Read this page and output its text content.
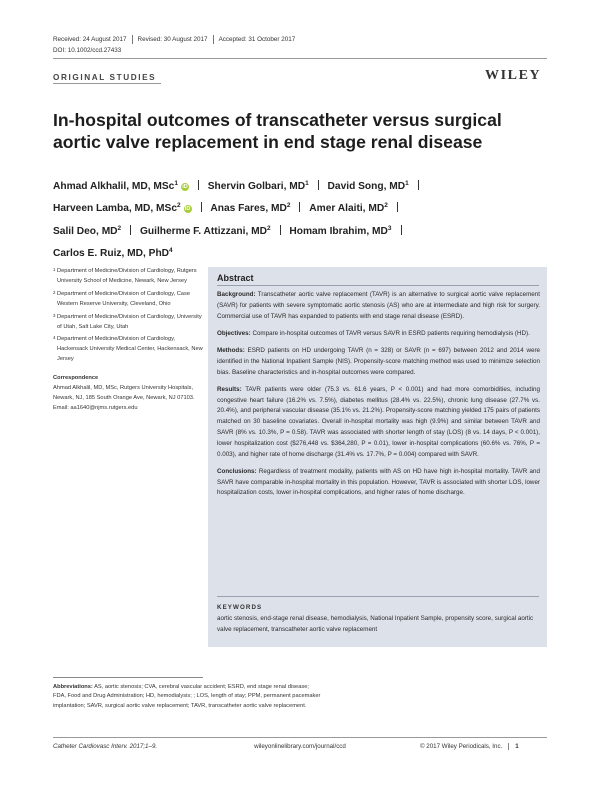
Received: 24 August 2017 Revised: 30 August 2017 Accepted: 31 October 2017
DOI: 10.1002/ccd.27433
ORIGINAL STUDIES	WILEY
In-hospital outcomes of transcatheter versus surgical aortic valve replacement in end stage renal disease
Ahmad Alkhalil, MD, MSc$^1$ iD Shervin Golbari, $MD^1$ David Song, $MD^1$
Harveen Lamba, MD, MSc$^2$ iD Anas Fares, $MD^2$ Amer Alaiti, $MD^2$
Salil Deo, $MD^2$ Guilherme F. Attizzani, $MD^2$ Homam Ibrahim, $MD^3$
Carlos E. Ruiz, MD, PhD$^4$
1 Department of Medicine/Division of Cardiology, Rutgers University School of Medicine, Newark, New Jersey
2 Department of Medicine/Division of Cardiology, Case Western Reserve University, Cleveland, Ohio
3 Department of Medicine/Division of Cardiology, University of Utah, Salt Lake City, Utah
4 Department of Medicine/Division of Cardiology, Hackensack University Medical Center, Hackensack, New Jersey
Correspondence
Ahmad Alkhalil, MD, MSc, Rutgers University Hospitals, Newark, NJ, 185 South Orange Ave, Newark, NJ 07103. Email: aa1640@njms.rutgers.edu
Abstract

Background: Transcatheter aortic valve replacement (TAVR) is an alternative to surgical aortic valve replacement (SAVR) for patients with severe symptomatic aortic stenosis (AS) who are at intermediate and high risk for surgery. Commercial use of TAVR has expanded to patients with end stage renal disease (ESRD).

Objectives: Compare in-hospital outcomes of TAVR versus SAVR in ESRD patients requiring hemodialysis (HD).

Methods: ESRD patients on HD undergoing TAVR (n = 328) or SAVR (n = 697) between 2012 and 2014 were identified in the National Inpatient Sample (NIS). Propensity-score matching method was used to minimize selection bias. Baseline characteristics and in-hospital outcomes were compared.

Results: TAVR patients were older (75.3 vs. 61.6 years, P < 0.001) and had more comorbidities, including congestive heart failure (16.2% vs. 7.5%), diabetes mellitus (28.4% vs. 22.5%), chronic lung disease (27.7% vs. 20.4%), and peripheral vascular disease (35.1% vs. 21.2%). Propensity-score matching yielded 175 pairs of patients matched on 30 baseline covariates. Overall in-hospital mortality was high (9.9%) and similar between TAVR and SAVR (8% vs. 10.3%, P = 0.58). TAVR was associated with shorter length of stay (LOS) (8 vs. 14 days, P < 0.001), lower hospitalization cost ($276,448 vs. $364,280, P = 0.01), lower in-hospital complications (60.6% vs. 76%, P = 0.003), and higher rate of home discharge (31.4% vs. 17.7%, P = 0.004) compared with SAVR.

Conclusions: Regardless of treatment modality, patients with AS on HD have high in-hospital mortality. TAVR and SAVR have comparable in-hospital mortality in this population. However, TAVR is associated with shorter LOS, lower hospitalization costs, lower in-hospital complications, and higher rates of home discharge.

KEYWORDS
aortic stenosis, end-stage renal disease, hemodialysis, National Inpatient Sample, propensity score, surgical aortic valve replacement, transcatheter aortic valve replacement
Abbreviations: AS, aortic stenosis; CVA, cerebral vascular accident; ESRD, end stage renal disease; FDA, Food and Drug Administration; HD, hemodialysis; ; LOS, length of stay; PPM, permanent pacemaker implantation; SAVR, surgical aortic valve replacement; TAVR, transcatheter aortic valve replacement.
Catheter Cardiovasc Interv. 2017;1–9.	wileyonlinelibrary.com/journal/ccd	© 2017 Wiley Periodicals, Inc. 1
